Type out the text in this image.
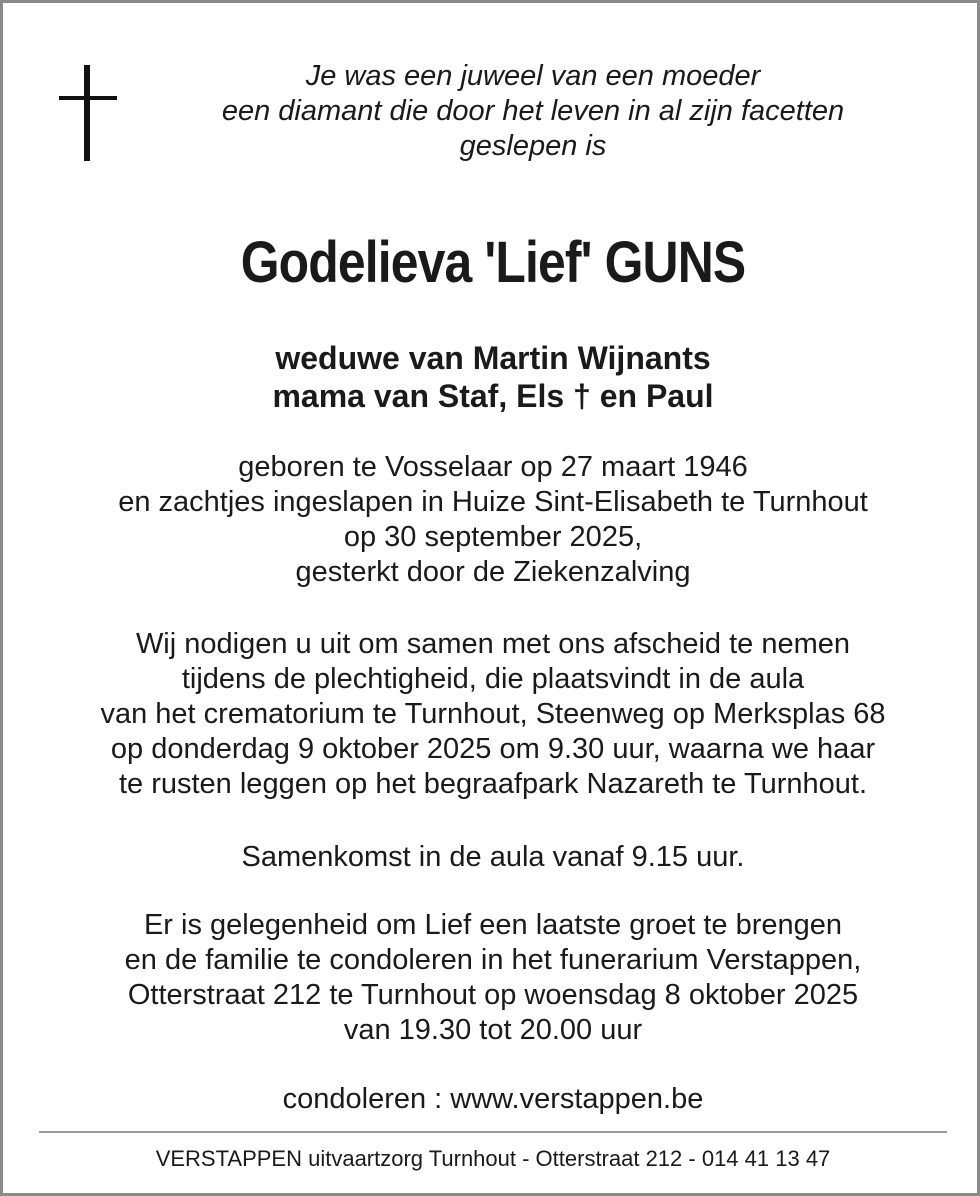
Je was een juweel van een moeder
een diamant die door het leven in al zijn facetten
geslepen is
Godelieva 'Lief' GUNS
weduwe van Martin Wijnants
mama van Staf, Els † en Paul
geboren te Vosselaar op 27 maart 1946
en zachtjes ingeslapen in Huize Sint-Elisabeth te Turnhout
op 30 september 2025,
gesterkt door de Ziekenzalving
Wij nodigen u uit om samen met ons afscheid te nemen
tijdens de plechtigheid, die plaatsvindt in de aula
van het crematorium te Turnhout, Steenweg op Merksplas 68
op donderdag 9 oktober 2025 om 9.30 uur, waarna we haar
te rusten leggen op het begraafpark Nazareth te Turnhout.
Samenkomst in de aula vanaf 9.15 uur.
Er is gelegenheid om Lief een laatste groet te brengen
en de familie te condoleren in het funerarium Verstappen,
Otterstraat 212 te Turnhout op woensdag 8 oktober 2025
van 19.30 tot 20.00 uur
condoleren : www.verstappen.be
VERSTAPPEN uitvaartzorg Turnhout - Otterstraat 212 - 014 41 13 47
